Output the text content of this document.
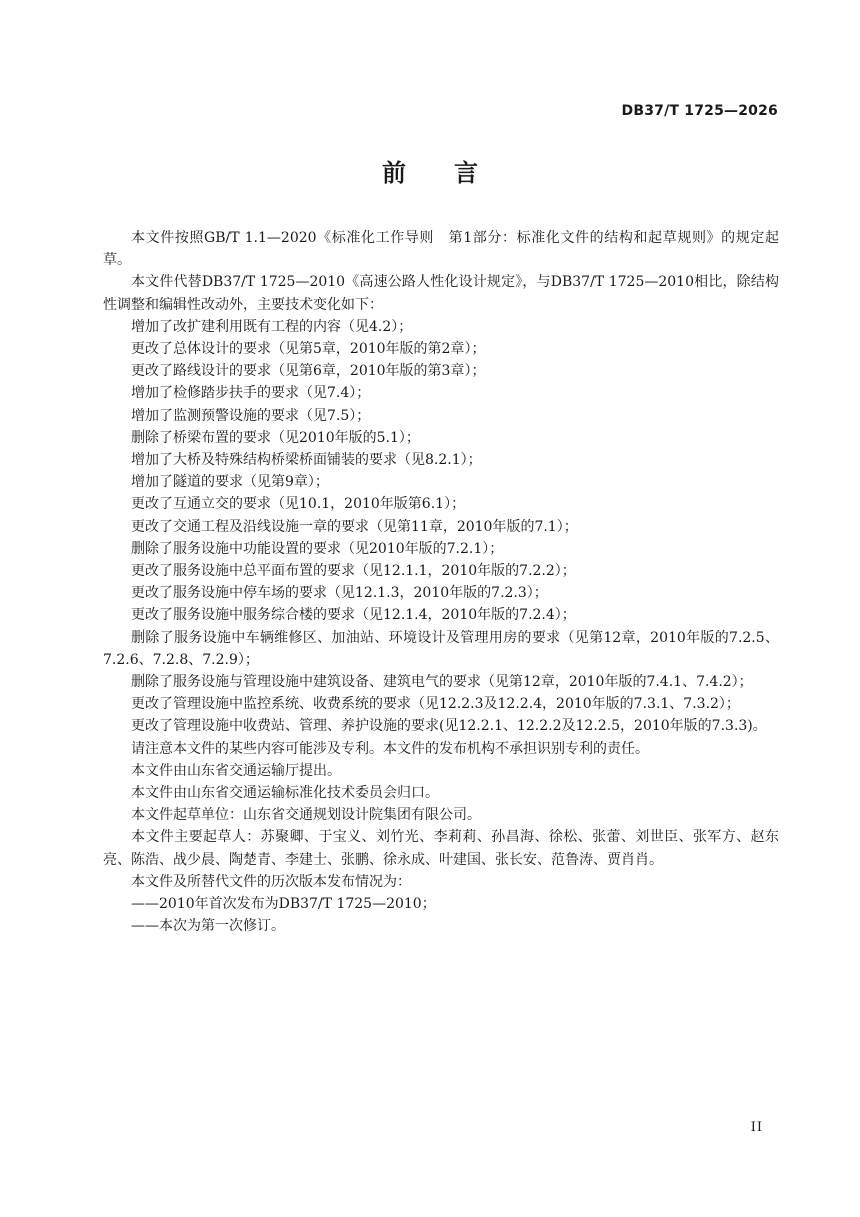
DB37/T 1725—2026
前言

本文件按照GB/T 1.1—2020《标准化工作导则　第1部分：标准化文件的结构和起草规则》的规定起草。

本文件代替DB37/T 1725—2010《高速公路人性化设计规定》，与DB37/T 1725—2010相比，除结构性调整和编辑性改动外，主要技术变化如下：

增加了改扩建利用既有工程的内容（见4.2）；

更改了总体设计的要求（见第5章，2010年版的第2章）；

更改了路线设计的要求（见第6章，2010年版的第3章）；

增加了检修踏步扶手的要求（见7.4）；

增加了监测预警设施的要求（见7.5）；

删除了桥梁布置的要求（见2010年版的5.1）；

增加了大桥及特殊结构桥梁桥面铺装的要求（见8.2.1）；

增加了隧道的要求（见第9章）；

更改了互通立交的要求（见10.1，2010年版第6.1）；

更改了交通工程及沿线设施一章的要求（见第11章，2010年版的7.1）；

删除了服务设施中功能设置的要求（见2010年版的7.2.1）；

更改了服务设施中总平面布置的要求（见12.1.1，2010年版的7.2.2）；

更改了服务设施中停车场的要求（见12.1.3，2010年版的7.2.3）；

更改了服务设施中服务综合楼的要求（见12.1.4，2010年版的7.2.4）；

删除了服务设施中车辆维修区、加油站、环境设计及管理用房的要求（见第12章，2010年版的7.2.5、7.2.6、7.2.8、7.2.9）；

删除了服务设施与管理设施中建筑设备、建筑电气的要求（见第12章，2010年版的7.4.1、7.4.2）；

更改了管理设施中监控系统、收费系统的要求（见12.2.3及12.2.4，2010年版的7.3.1、7.3.2）；

更改了管理设施中收费站、管理、养护设施的要求(见12.2.1、12.2.2及12.2.5，2010年版的7.3.3)。

请注意本文件的某些内容可能涉及专利。本文件的发布机构不承担识别专利的责任。

本文件由山东省交通运输厅提出。

本文件由山东省交通运输标准化技术委员会归口。

本文件起草单位：山东省交通规划设计院集团有限公司。

本文件主要起草人：苏聚卿、于宝义、刘竹光、李莉莉、孙昌海、徐松、张蕾、刘世臣、张军方、赵东亮、陈浩、战少晨、陶楚青、李建士、张鹏、徐永成、叶建国、张长安、范鲁涛、贾肖肖。

本文件及所替代文件的历次版本发布情况为：

——2010年首次发布为DB37/T 1725—2010；

——本次为第一次修订。

II
